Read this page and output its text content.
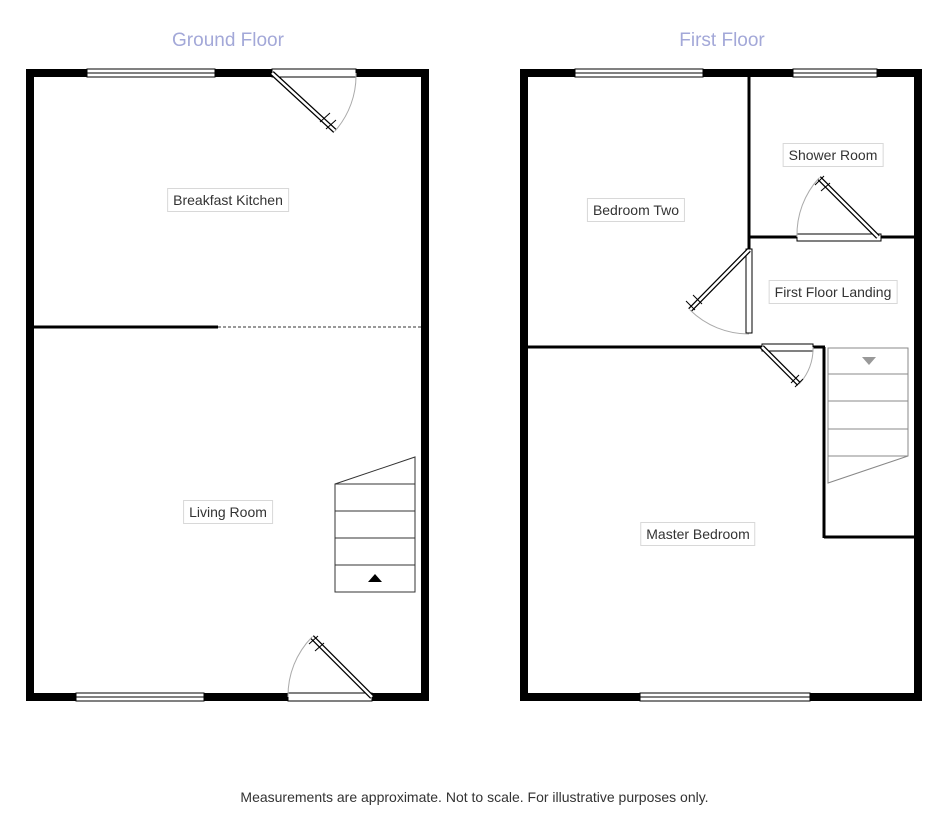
Ground Floor	First Floor
Breakfast Kitchen
Living Room
Shower Room
Bedroom Two
First Floor Landing
Master Bedroom
Measurements are approximate. Not to scale. For illustrative purposes only.
